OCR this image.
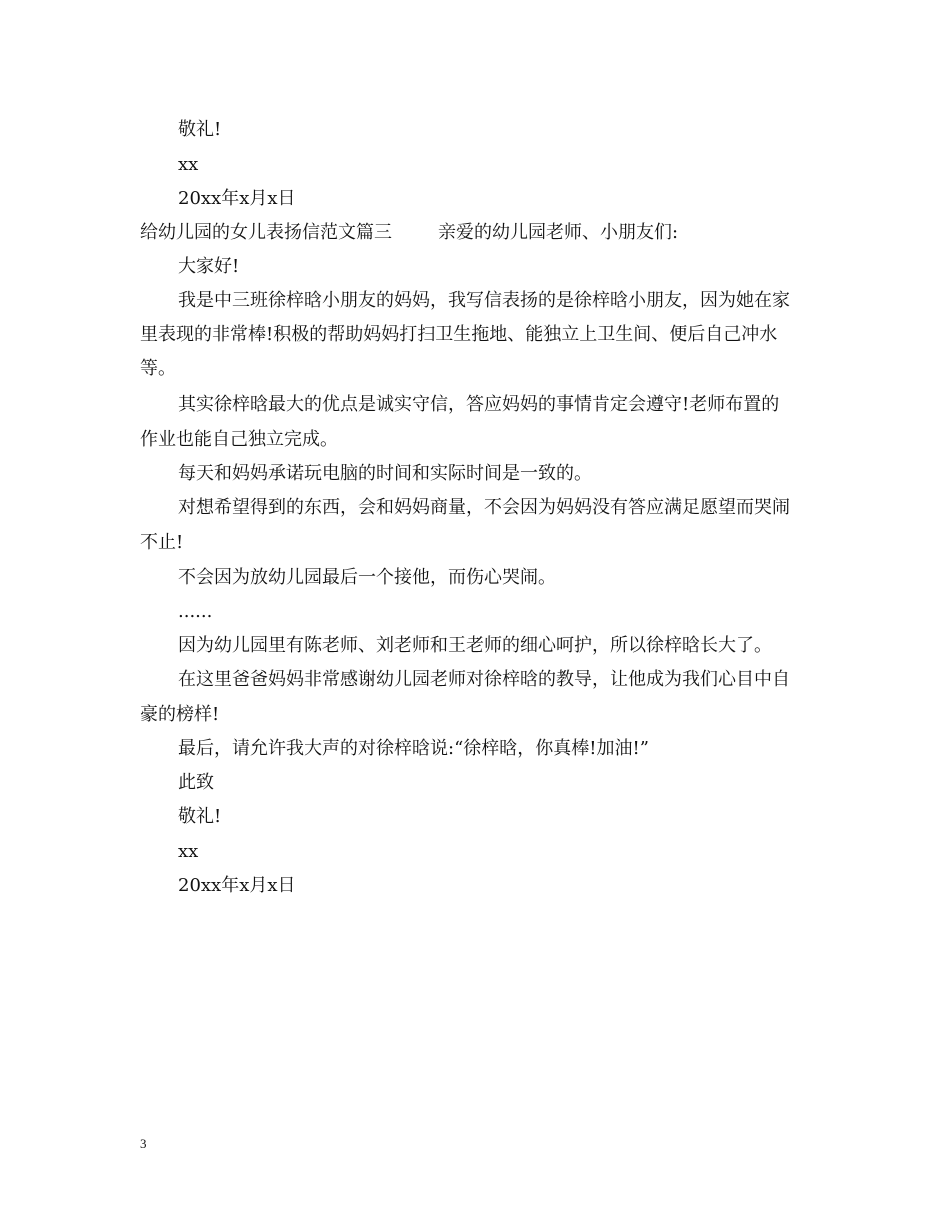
敬礼!
xx
20xx年x月x日
给幼儿园的女儿表扬信范文篇三	亲爱的幼儿园老师、小朋友们:
大家好!
我是中三班徐梓晗小朋友的妈妈，我写信表扬的是徐梓晗小朋友，因为她在家
里表现的非常棒!积极的帮助妈妈打扫卫生拖地、能独立上卫生间、便后自己冲水
等。
其实徐梓晗最大的优点是诚实守信，答应妈妈的事情肯定会遵守!老师布置的
作业也能自己独立完成。
每天和妈妈承诺玩电脑的时间和实际时间是一致的。
对想希望得到的东西，会和妈妈商量，不会因为妈妈没有答应满足愿望而哭闹
不止!
不会因为放幼儿园最后一个接他，而伤心哭闹。
......
因为幼儿园里有陈老师、刘老师和王老师的细心呵护，所以徐梓晗长大了。
在这里爸爸妈妈非常感谢幼儿园老师对徐梓晗的教导，让他成为我们心目中自
豪的榜样!
最后，请允许我大声的对徐梓晗说:“徐梓晗，你真棒!加油!”
此致
敬礼!
xx
20xx年x月x日
3
